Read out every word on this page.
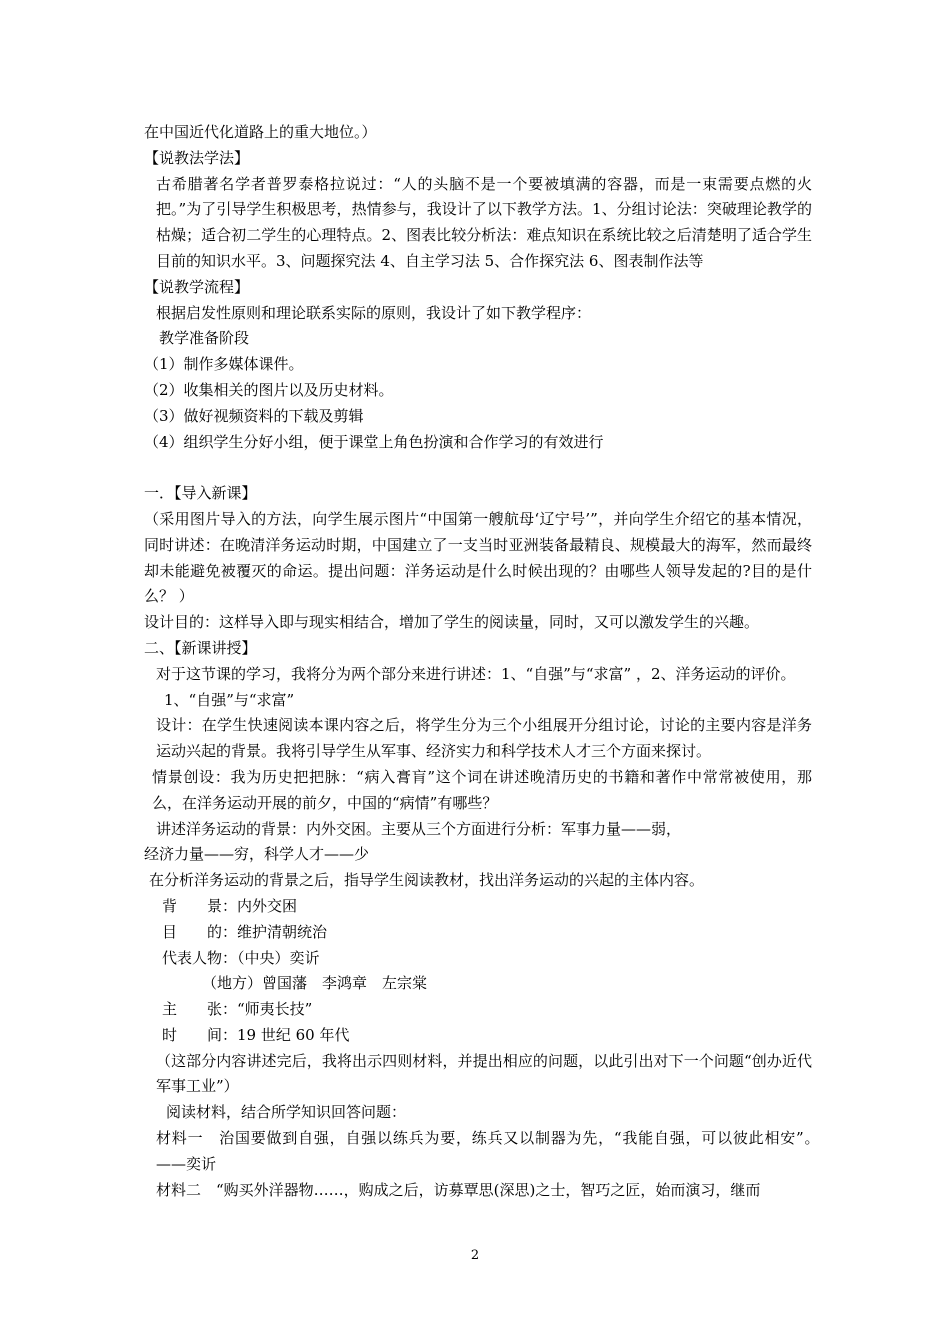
在中国近代化道路上的重大地位。）

【说教法学法】

古希腊著名学者普罗泰格拉说过：“人的头脑不是一个要被填满的容器，而是一束需要点燃的火把。”为了引导学生积极思考，热情参与，我设计了以下教学方法。1、分组讨论法：突破理论教学的枯燥；适合初二学生的心理特点。2、图表比较分析法：难点知识在系统比较之后清楚明了适合学生目前的知识水平。3、问题探究法 4、自主学习法 5、合作探究法 6、图表制作法等

【说教学流程】

根据启发性原则和理论联系实际的原则，我设计了如下教学程序：

教学准备阶段

（1）制作多媒体课件。

（2）收集相关的图片以及历史材料。

（3）做好视频资料的下载及剪辑

（4）组织学生分好小组，便于课堂上角色扮演和合作学习的有效进行

一．【导入新课】

（采用图片导入的方法，向学生展示图片“中国第一艘航母‘辽宁号’”，并向学生介绍它的基本情况，同时讲述：在晚清洋务运动时期，中国建立了一支当时亚洲装备最精良、规模最大的海军，然而最终却未能避免被覆灭的命运。提出问题：洋务运动是什么时候出现的？由哪些人领导发起的?目的是什么？ ）

设计目的：这样导入即与现实相结合，增加了学生的阅读量，同时，又可以激发学生的兴趣。

二、【新课讲授】

对于这节课的学习，我将分为两个部分来进行讲述：1、“自强”与“求富” ，2、洋务运动的评价。

1、“自强”与“求富”

设计：在学生快速阅读本课内容之后，将学生分为三个小组展开分组讨论，讨论的主要内容是洋务运动兴起的背景。我将引导学生从军事、经济实力和科学技术人才三个方面来探讨。

情景创设：我为历史把把脉：“病入膏肓”这个词在讲述晚清历史的书籍和著作中常常被使用，那么，在洋务运动开展的前夕，中国的“病情”有哪些？

讲述洋务运动的背景：内外交困。主要从三个方面进行分析：军事力量——弱，

经济力量——穷，科学人才——少

在分析洋务运动的背景之后，指导学生阅读教材，找出洋务运动的兴起的主体内容。

背　　景：内外交困

目　　的：维护清朝统治

代表人物：（中央）奕䜣

（地方）曾国藩　李鸿章　左宗棠

主　　张：“师夷长技”

时　　间：19 世纪 60 年代

（这部分内容讲述完后，我将出示四则材料，并提出相应的问题，以此引出对下一个问题“创办近代军事工业”）

阅读材料，结合所学知识回答问题：

材料一　治国要做到自强，自强以练兵为要，练兵又以制器为先，“我能自强，可以彼此相安”。　　　　——奕䜣

材料二　“购买外洋器物……，购成之后，访募覃思(深思)之士，智巧之匠，始而演习，继而

2
